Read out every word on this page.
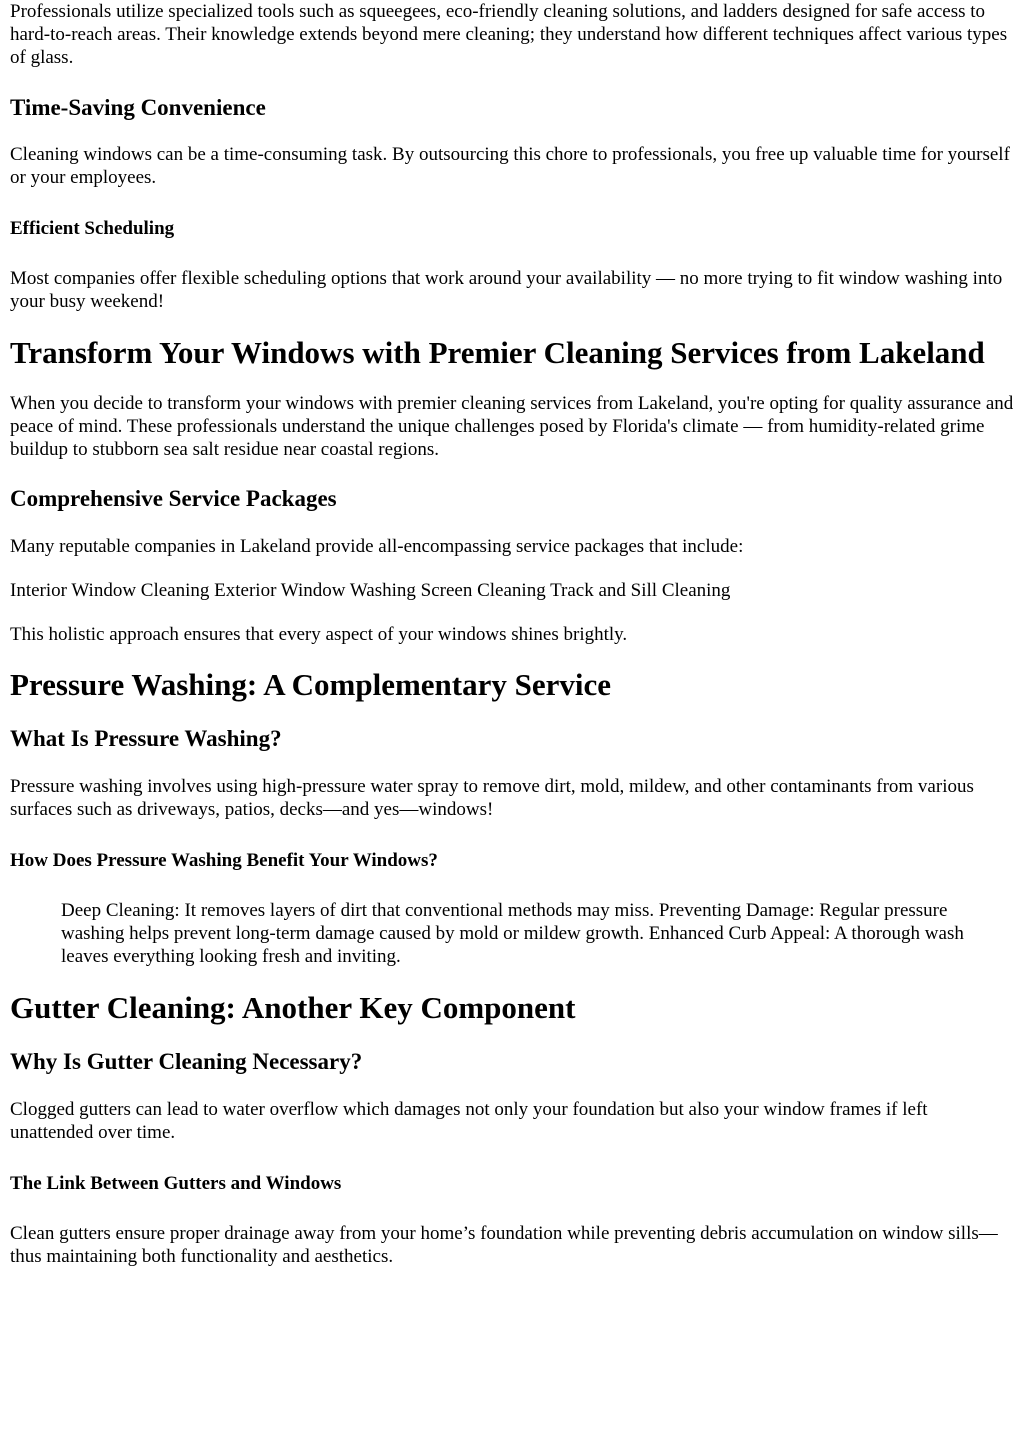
Professionals utilize specialized tools such as squeegees, eco-friendly cleaning solutions, and ladders designed for safe access to hard-to-reach areas. Their knowledge extends beyond mere cleaning; they understand how different techniques affect various types of glass.

Time-Saving Convenience

Cleaning windows can be a time-consuming task. By outsourcing this chore to professionals, you free up valuable time for yourself or your employees.

Efficient Scheduling

Most companies offer flexible scheduling options that work around your availability — no more trying to fit window washing into your busy weekend!

Transform Your Windows with Premier Cleaning Services from Lakeland

When you decide to transform your windows with premier cleaning services from Lakeland, you're opting for quality assurance and peace of mind. These professionals understand the unique challenges posed by Florida's climate — from humidity-related grime buildup to stubborn sea salt residue near coastal regions.

Comprehensive Service Packages

Many reputable companies in Lakeland provide all-encompassing service packages that include:

Interior Window Cleaning Exterior Window Washing Screen Cleaning Track and Sill Cleaning

This holistic approach ensures that every aspect of your windows shines brightly.

Pressure Washing: A Complementary Service
What Is Pressure Washing?

Pressure washing involves using high-pressure water spray to remove dirt, mold, mildew, and other contaminants from various surfaces such as driveways, patios, decks—and yes—windows!

How Does Pressure Washing Benefit Your Windows?
Deep Cleaning: It removes layers of dirt that conventional methods may miss. Preventing Damage: Regular pressure washing helps prevent long-term damage caused by mold or mildew growth. Enhanced Curb Appeal: A thorough wash leaves everything looking fresh and inviting.
Gutter Cleaning: Another Key Component
Why Is Gutter Cleaning Necessary?

Clogged gutters can lead to water overflow which damages not only your foundation but also your window frames if left unattended over time.

The Link Between Gutters and Windows

Clean gutters ensure proper drainage away from your home’s foundation while preventing debris accumulation on window sills—thus maintaining both functionality and aesthetics.
